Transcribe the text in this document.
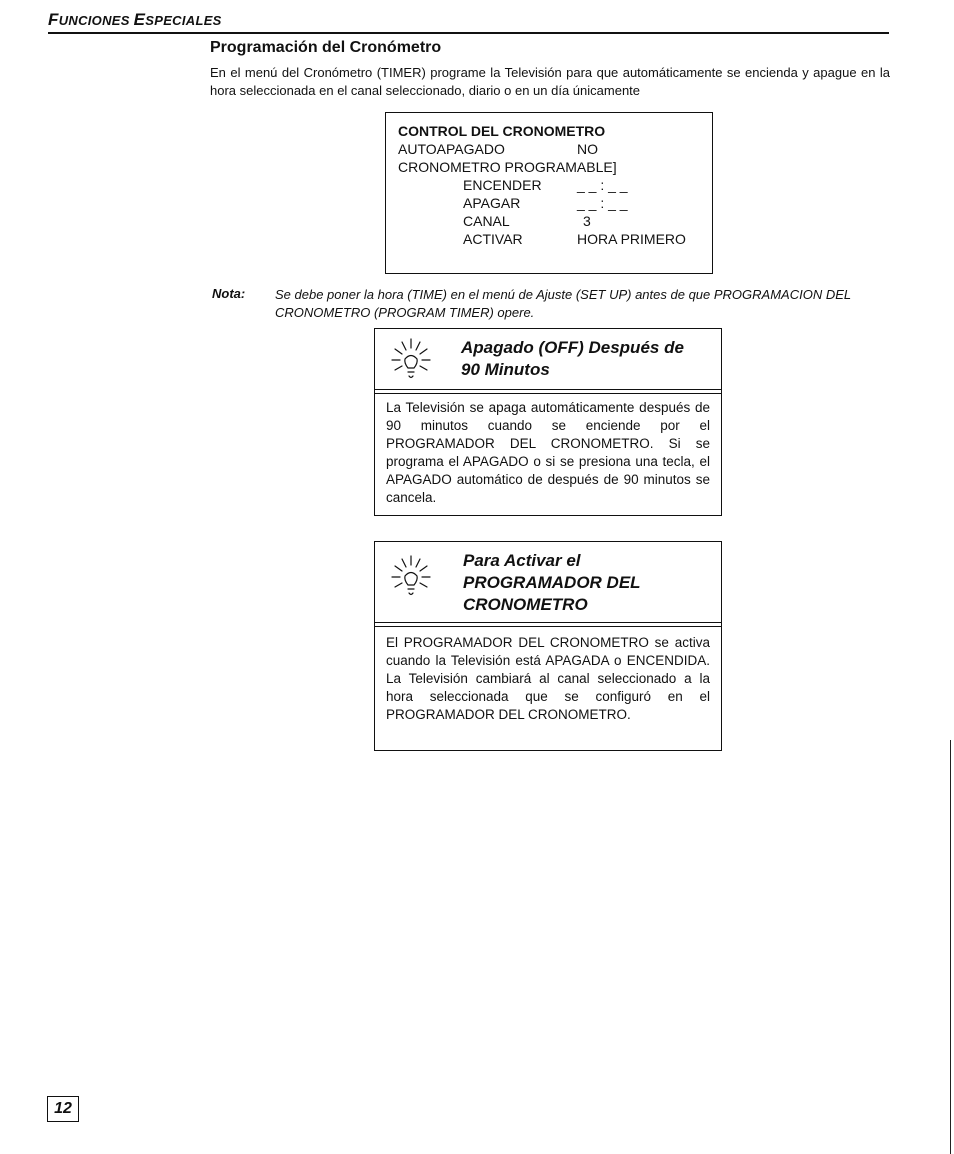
FUNCIONES ESPECIALES
Programación del Cronómetro
En el menú del Cronómetro (TIMER) programe la Televisión para que automáticamente se encienda y apague en la hora seleccionada en el canal seleccionado, diario o en un día únicamente
CONTROL DEL CRONOMETRO
AUTOAPAGADO	NO
CRONOMETRO PROGRAMABLE]
ENCENDER	_ _ : _ _
APAGAR	_ _ : _ _
CANAL	3
ACTIVAR	HORA PRIMERO
Nota: Se debe poner la hora (TIME) en el menú de Ajuste (SET UP) antes de que PROGRAMACION DEL CRONOMETRO (PROGRAM TIMER) opere.
Apagado (OFF) Después de
90 Minutos
La Televisión se apaga automáticamente después de 90 minutos cuando se enciende por el PROGRAMADOR DEL CRONOMETRO. Si se programa el APAGADO o si se presiona una tecla, el APAGADO automático de después de 90 minutos se cancela.
Para Activar el
PROGRAMADOR DEL
CRONOMETRO
El PROGRAMADOR DEL CRONOMETRO se activa cuando la Televisión está APAGADA o ENCENDIDA. La Televisión cambiará al canal seleccionado a la hora seleccionada que se configuró en el PROGRAMADOR DEL CRONOMETRO.
12
